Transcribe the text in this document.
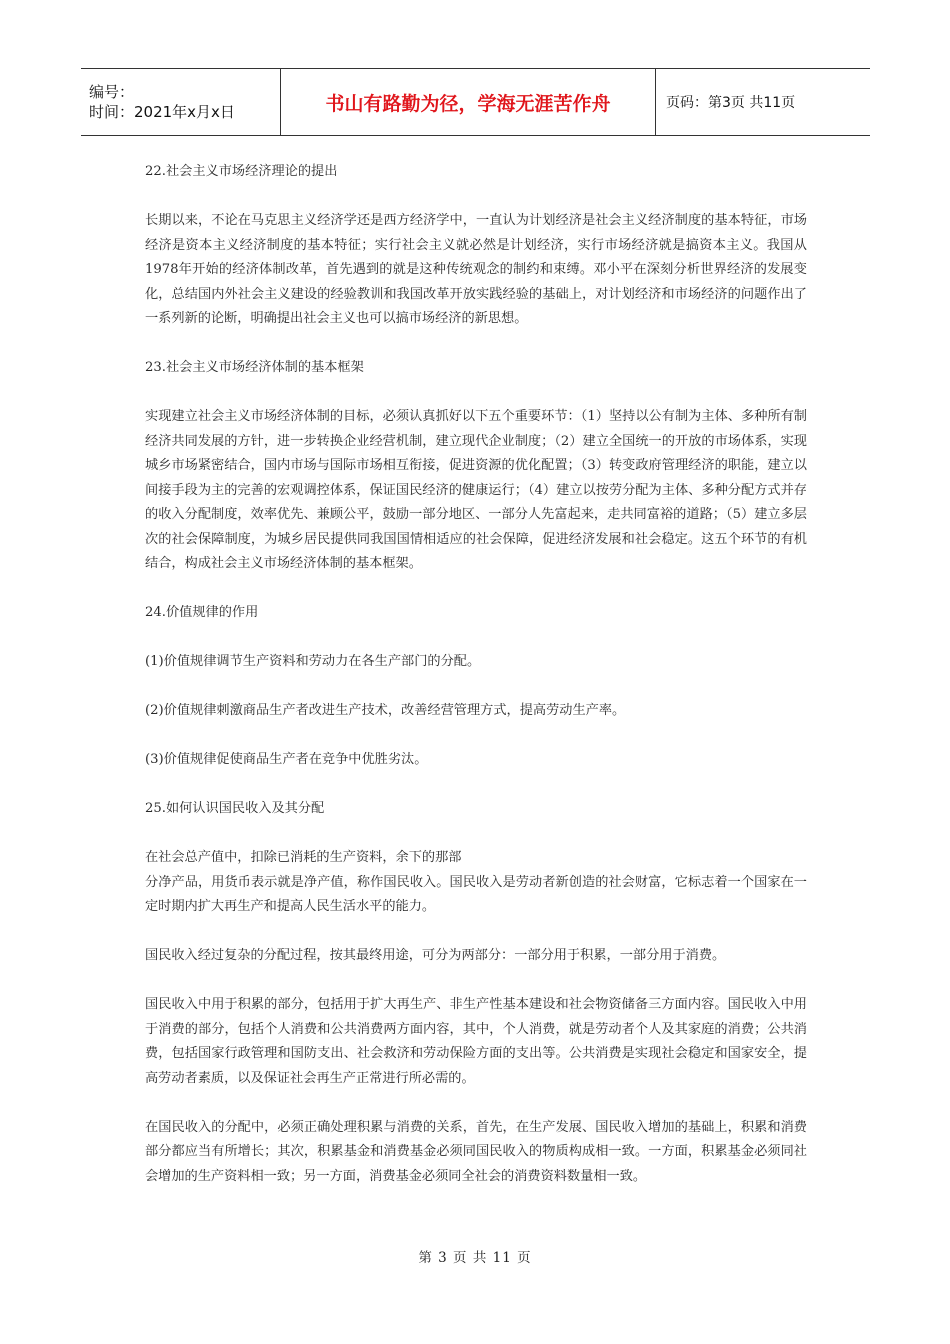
编号：
时间：2021年x月x日	书山有路勤为径，学海无涯苦作舟	页码：第3页 共11页

22.社会主义市场经济理论的提出

长期以来，不论在马克思主义经济学还是西方经济学中，一直认为计划经济是社会主义经济制度的基本特征，市场经济是资本主义经济制度的基本特征；实行社会主义就必然是计划经济，实行市场经济就是搞资本主义。我国从1978年开始的经济体制改革，首先遇到的就是这种传统观念的制约和束缚。邓小平在深刻分析世界经济的发展变化，总结国内外社会主义建设的经验教训和我国改革开放实践经验的基础上，对计划经济和市场经济的问题作出了一系列新的论断，明确提出社会主义也可以搞市场经济的新思想。

23.社会主义市场经济体制的基本框架

实现建立社会主义市场经济体制的目标，必须认真抓好以下五个重要环节：（1）坚持以公有制为主体、多种所有制经济共同发展的方针，进一步转换企业经营机制，建立现代企业制度；（2）建立全国统一的开放的市场体系，实现城乡市场紧密结合，国内市场与国际市场相互衔接，促进资源的优化配置；（3）转变政府管理经济的职能，建立以间接手段为主的完善的宏观调控体系，保证国民经济的健康运行；（4）建立以按劳分配为主体、多种分配方式并存的收入分配制度，效率优先、兼顾公平，鼓励一部分地区、一部分人先富起来，走共同富裕的道路；（5）建立多层次的社会保障制度，为城乡居民提供同我国国情相适应的社会保障，促进经济发展和社会稳定。这五个环节的有机结合，构成社会主义市场经济体制的基本框架。

24.价值规律的作用

(1)价值规律调节生产资料和劳动力在各生产部门的分配。

(2)价值规律刺激商品生产者改进生产技术，改善经营管理方式，提高劳动生产率。

(3)价值规律促使商品生产者在竞争中优胜劣汰。

25.如何认识国民收入及其分配

在社会总产值中，扣除已消耗的生产资料，余下的那部
分净产品，用货币表示就是净产值，称作国民收入。国民收入是劳动者新创造的社会财富，它标志着一个国家在一定时期内扩大再生产和提高人民生活水平的能力。

国民收入经过复杂的分配过程，按其最终用途，可分为两部分：一部分用于积累，一部分用于消费。

国民收入中用于积累的部分，包括用于扩大再生产、非生产性基本建设和社会物资储备三方面内容。国民收入中用于消费的部分，包括个人消费和公共消费两方面内容，其中，个人消费，就是劳动者个人及其家庭的消费；公共消费，包括国家行政管理和国防支出、社会救济和劳动保险方面的支出等。公共消费是实现社会稳定和国家安全，提高劳动者素质，以及保证社会再生产正常进行所必需的。

在国民收入的分配中，必须正确处理积累与消费的关系，首先，在生产发展、国民收入增加的基础上，积累和消费部分都应当有所增长；其次，积累基金和消费基金必须同国民收入的物质构成相一致。一方面，积累基金必须同社会增加的生产资料相一致；另一方面，消费基金必须同全社会的消费资料数量相一致。

第 3 页 共 11 页
